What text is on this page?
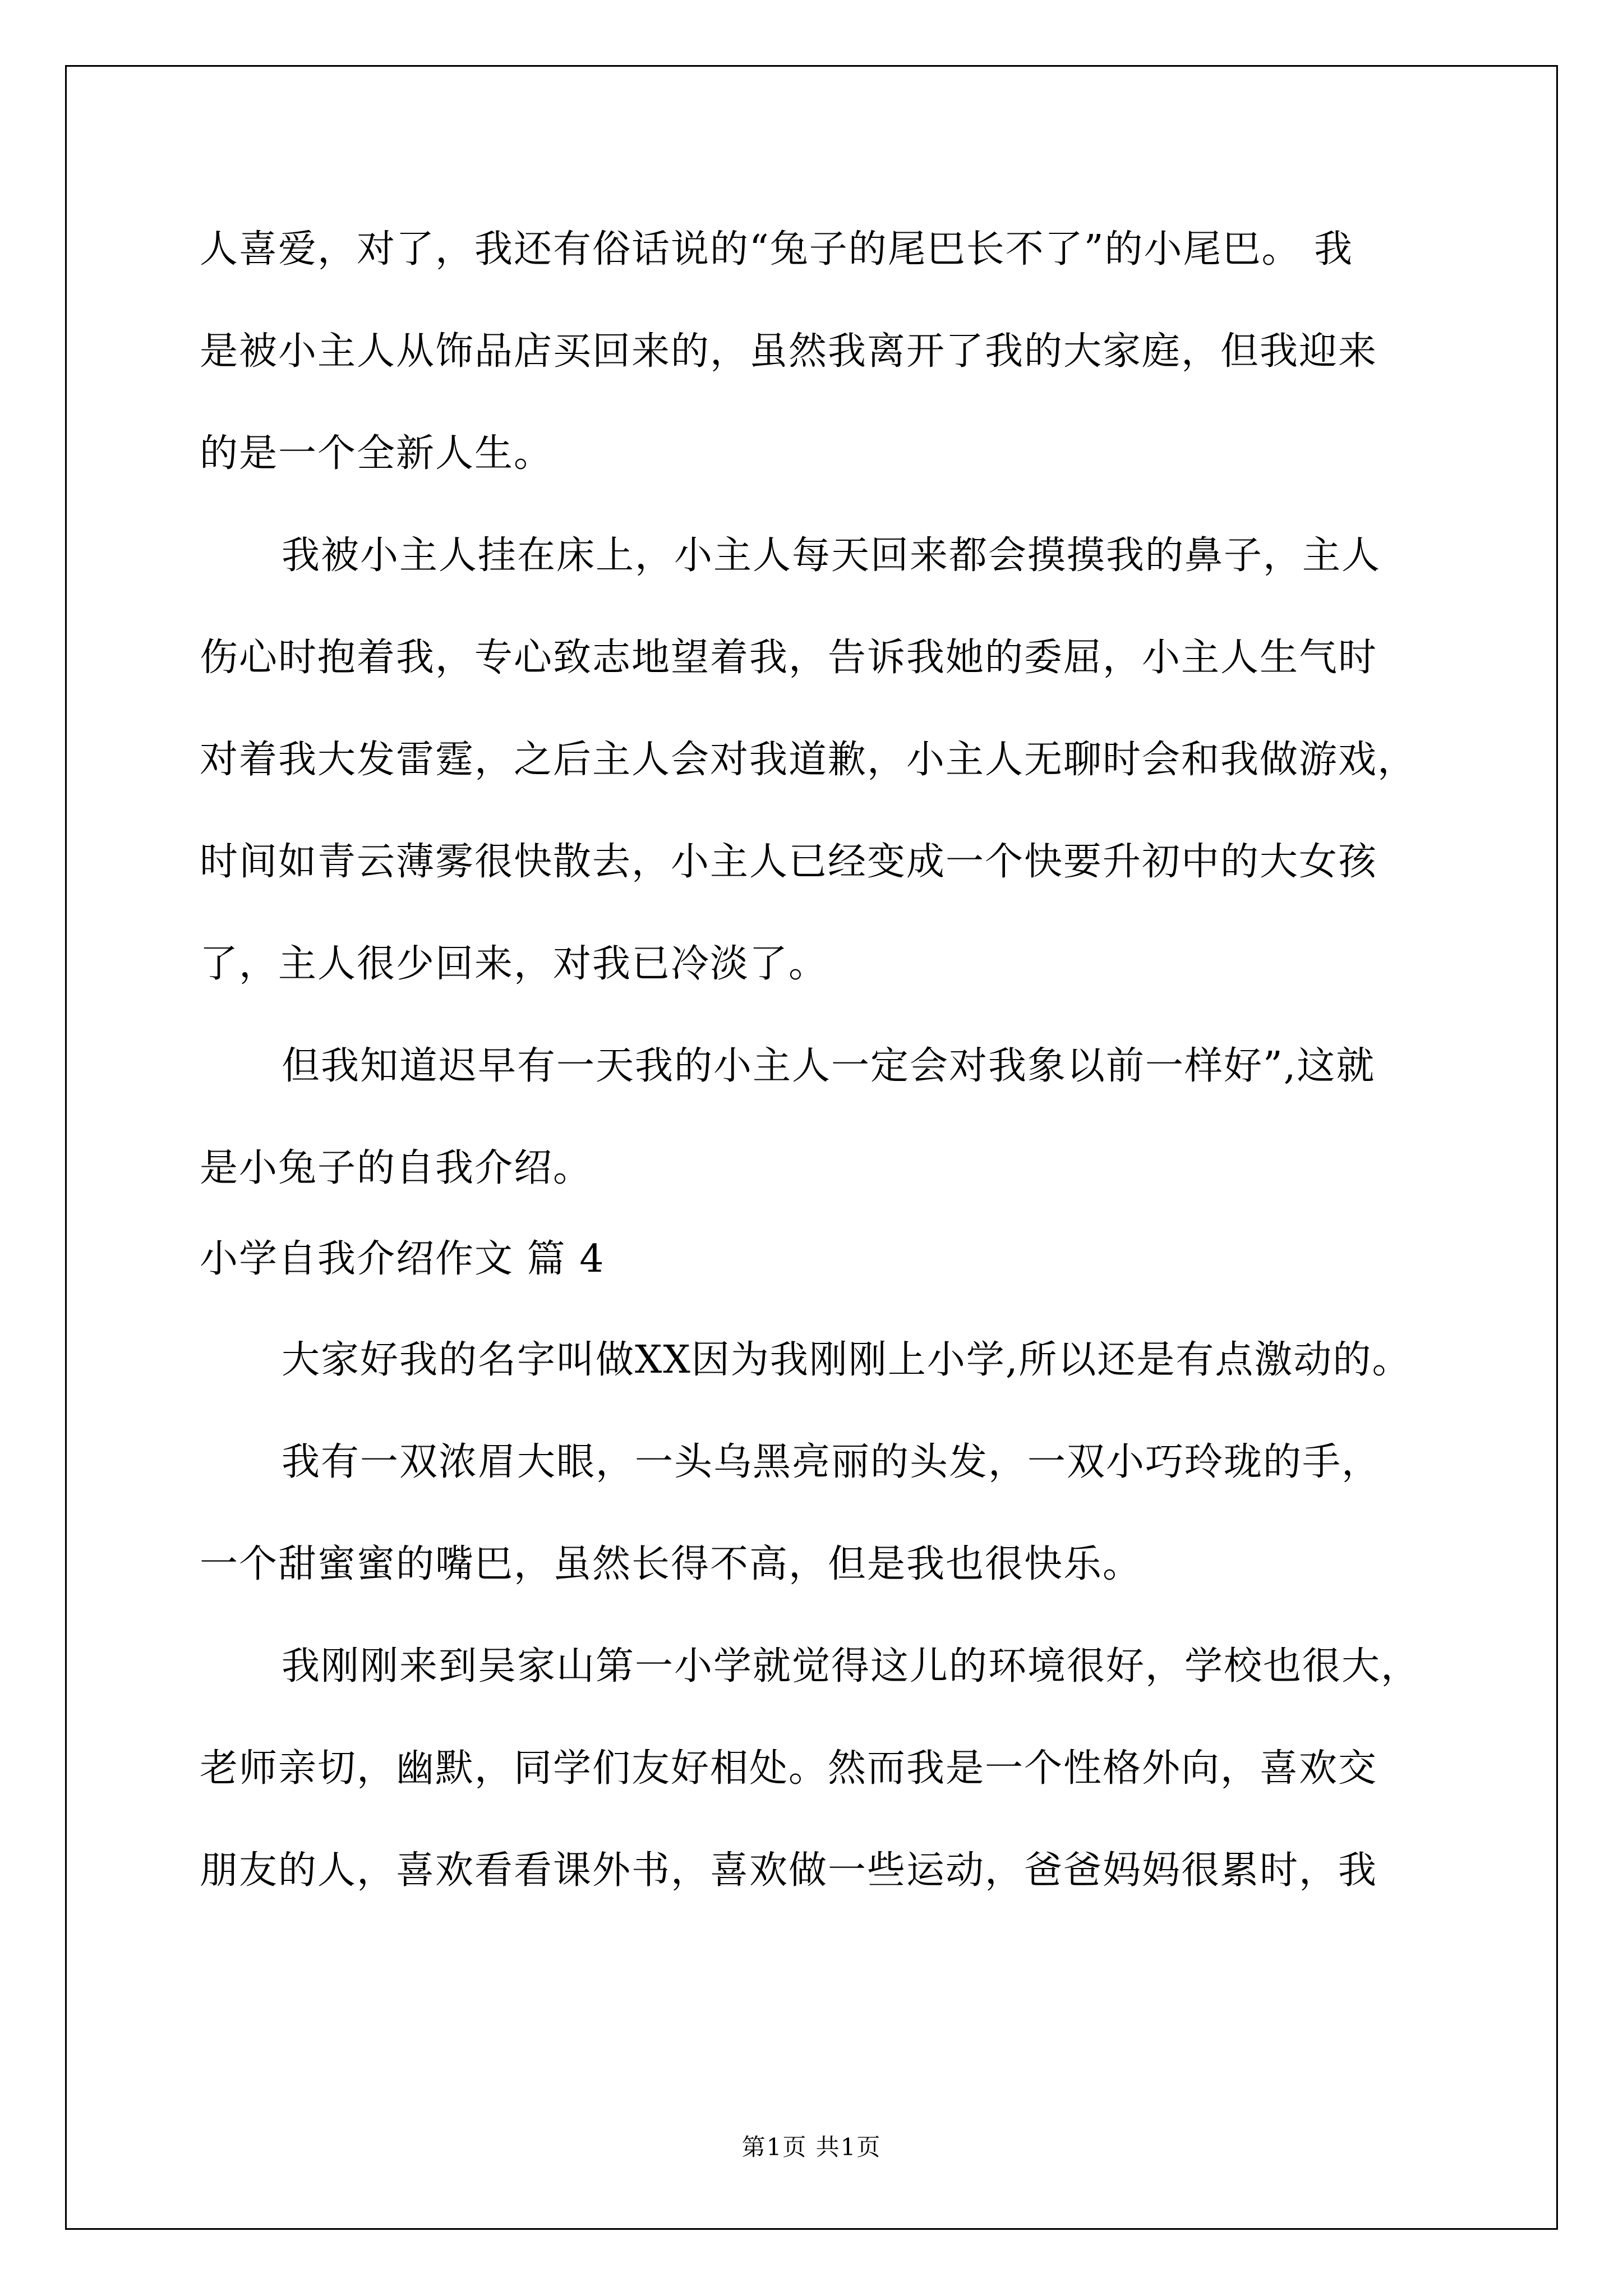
人喜爱，对了，我还有俗话说的“兔子的尾巴长不了”的小尾巴。 我
是被小主人从饰品店买回来的，虽然我离开了我的大家庭，但我迎来
的是一个全新人生。
我被小主人挂在床上，小主人每天回来都会摸摸我的鼻子，主人
伤心时抱着我，专心致志地望着我，告诉我她的委屈，小主人生气时
对着我大发雷霆，之后主人会对我道歉，小主人无聊时会和我做游戏，
时间如青云薄雾很快散去，小主人已经变成一个快要升初中的大女孩
了，主人很少回来，对我已冷淡了。
但我知道迟早有一天我的小主人一定会对我象以前一样好”,这就
是小兔子的自我介绍。
小学自我介绍作文 篇 4
大家好我的名字叫做XX因为我刚刚上小学,所以还是有点激动的。
我有一双浓眉大眼，一头乌黑亮丽的头发，一双小巧玲珑的手，
一个甜蜜蜜的嘴巴，虽然长得不高，但是我也很快乐。
我刚刚来到吴家山第一小学就觉得这儿的环境很好，学校也很大，
老师亲切，幽默，同学们友好相处。然而我是一个性格外向，喜欢交
朋友的人，喜欢看看课外书，喜欢做一些运动，爸爸妈妈很累时，我
第1页 共1页
